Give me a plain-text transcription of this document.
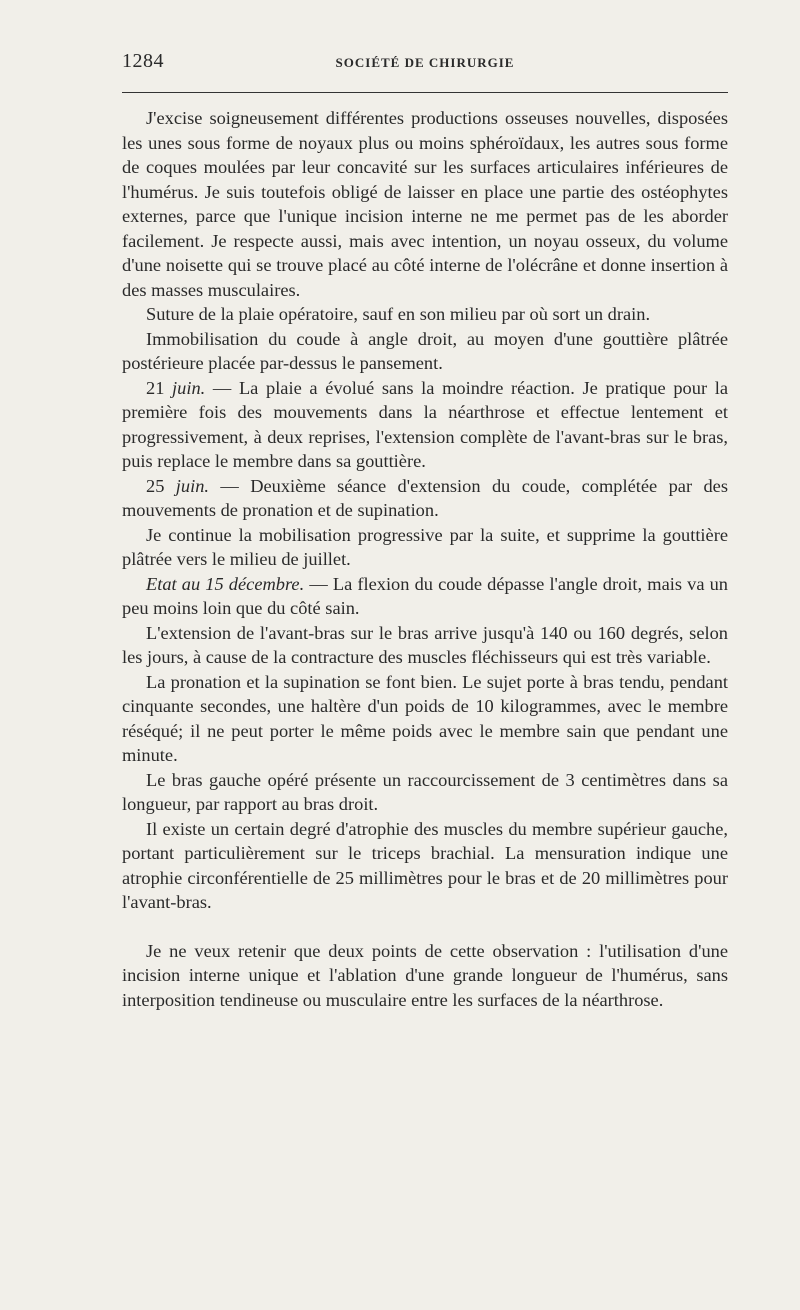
1284	SOCIÉTÉ DE CHIRURGIE

J'excise soigneusement différentes productions osseuses nouvelles, disposées les unes sous forme de noyaux plus ou moins sphéroïdaux, les autres sous forme de coques moulées par leur concavité sur les surfaces articulaires inférieures de l'humérus. Je suis toutefois obligé de laisser en place une partie des ostéophytes externes, parce que l'unique incision interne ne me permet pas de les aborder facilement. Je respecte aussi, mais avec intention, un noyau osseux, du volume d'une noisette qui se trouve placé au côté interne de l'olécrâne et donne insertion à des masses musculaires.

Suture de la plaie opératoire, sauf en son milieu par où sort un drain.

Immobilisation du coude à angle droit, au moyen d'une gouttière plâtrée postérieure placée par-dessus le pansement.

21 juin. — La plaie a évolué sans la moindre réaction. Je pratique pour la première fois des mouvements dans la néarthrose et effectue lentement et progressivement, à deux reprises, l'extension complète de l'avant-bras sur le bras, puis replace le membre dans sa gouttière.

25 juin. — Deuxième séance d'extension du coude, complétée par des mouvements de pronation et de supination.

Je continue la mobilisation progressive par la suite, et supprime la gouttière plâtrée vers le milieu de juillet.

Etat au 15 décembre. — La flexion du coude dépasse l'angle droit, mais va un peu moins loin que du côté sain.

L'extension de l'avant-bras sur le bras arrive jusqu'à 140 ou 160 degrés, selon les jours, à cause de la contracture des muscles fléchisseurs qui est très variable.

La pronation et la supination se font bien. Le sujet porte à bras tendu, pendant cinquante secondes, une haltère d'un poids de 10 kilogrammes, avec le membre réséqué; il ne peut porter le même poids avec le membre sain que pendant une minute.

Le bras gauche opéré présente un raccourcissement de 3 centimètres dans sa longueur, par rapport au bras droit.

Il existe un certain degré d'atrophie des muscles du membre supérieur gauche, portant particulièrement sur le triceps brachial. La mensuration indique une atrophie circonférentielle de 25 millimètres pour le bras et de 20 millimètres pour l'avant-bras.

Je ne veux retenir que deux points de cette observation : l'utilisation d'une incision interne unique et l'ablation d'une grande longueur de l'humérus, sans interposition tendineuse ou musculaire entre les surfaces de la néarthrose.
